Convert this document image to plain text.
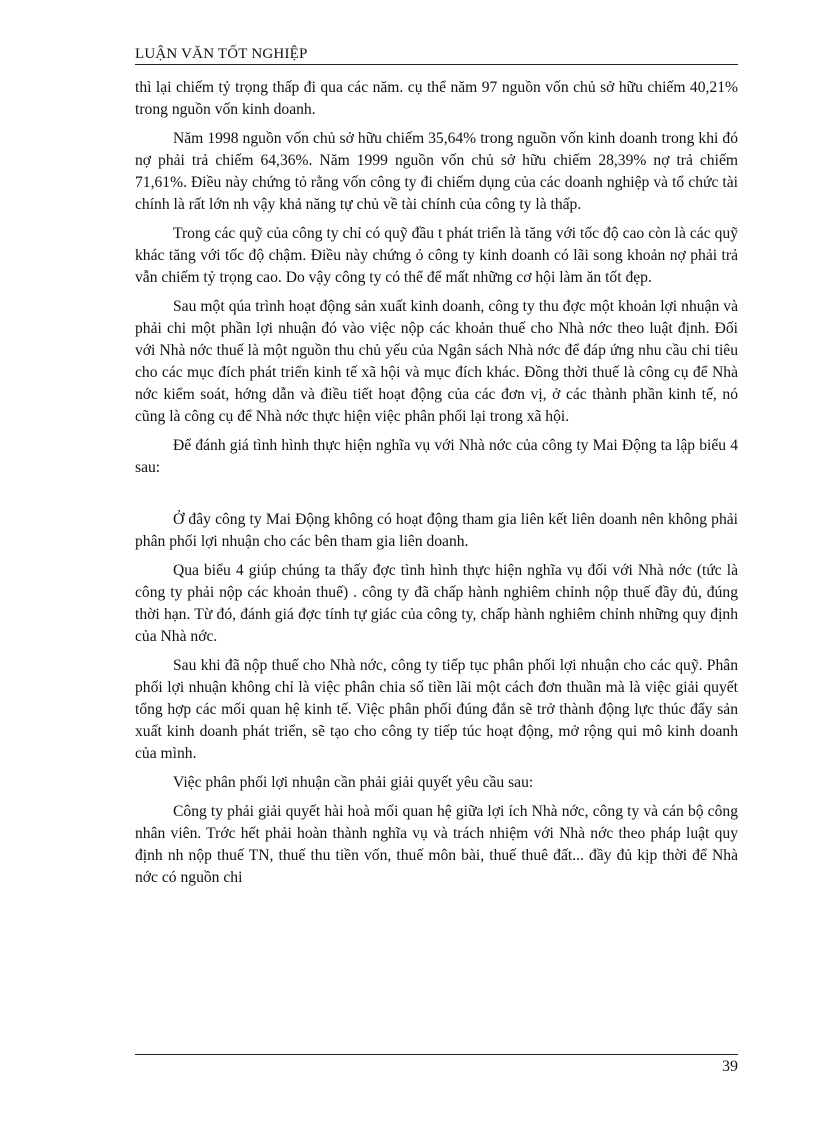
LUẬN VĂN TỐT NGHIỆP

thì lại chiếm tỷ trọng thấp đi qua các năm. cụ thể năm 97 nguồn vốn chủ sở hữu chiếm 40,21% trong nguồn vốn kinh doanh.

Năm 1998 nguồn vốn chủ sở hữu chiếm 35,64% trong nguồn vốn kinh doanh trong khi đó nợ phải trả chiếm 64,36%. Năm 1999 nguồn vốn chủ sở hữu chiếm 28,39% nợ trả chiếm 71,61%. Điều này chứng tỏ rằng vốn công ty đi chiếm dụng của các doanh nghiệp và tổ chức tài chính là rất lớn nh vậy khả năng tự chủ về tài chính của công ty là thấp.

Trong các quỹ của công ty chỉ có quỹ đầu t phát triển là tăng với tốc độ cao còn là các quỹ khác tăng với tốc độ chậm. Điều này chứng ỏ công ty kinh doanh có lãi song khoản nợ phải trả vẫn chiếm tỷ trọng cao. Do vậy công ty có thể để mất những cơ hội làm ăn tốt đẹp.

Sau một qúa trình hoạt động sản xuất kinh doanh, công ty thu đợc một khoản lợi nhuận và phải chi một phần lợi nhuận đó vào việc nộp các khoản thuế cho Nhà nớc theo luật định. Đối với Nhà nớc thuế là một nguồn thu chủ yếu của Ngân sách Nhà nớc để đáp ứng nhu cầu chi tiêu cho các mục đích phát triển kinh tế xã hội và mục đích khác. Đồng thời thuế là công cụ để Nhà nớc kiểm soát, hớng dẫn và điều tiết hoạt động của các đơn vị, ở các thành phần kinh tế, nó cũng là công cụ để Nhà nớc thực hiện việc phân phối lại trong xã hội.

Để đánh giá tình hình thực hiện nghĩa vụ với Nhà nớc của công ty Mai Động ta lập biểu 4 sau:

Ở đây công ty Mai Động không có hoạt động tham gia liên kết liên doanh nên không phải phân phối lợi nhuận cho các bên tham gia liên doanh.

Qua biểu 4 giúp chúng ta thấy đợc tình hình thực hiện nghĩa vụ đối với Nhà nớc (tức là công ty phải nộp các khoản thuế) . công ty đã chấp hành nghiêm chỉnh nộp thuế đầy đủ, đúng thời hạn. Từ đó, đánh giá đợc tính tự giác của công ty, chấp hành nghiêm chỉnh những quy định của Nhà nớc.

Sau khi đã nộp thuế cho Nhà nớc, công ty tiếp tục phân phối lợi nhuận cho các quỹ. Phân phối lợi nhuận không chỉ là việc phân chia số tiền lãi một cách đơn thuần mà là việc giải quyết tổng hợp các mối quan hệ kinh tế. Việc phân phối đúng đắn sẽ trở thành động lực thúc đẩy sản xuất kinh doanh phát triển, sẽ tạo cho công ty tiếp túc hoạt động, mở rộng qui mô kinh doanh của mình.

Việc phân phối lợi nhuận cần phải giải quyết yêu cầu sau:

Công ty phải giải quyết hài hoà mối quan hệ giữa lợi ích Nhà nớc, công ty và cán bộ công nhân viên. Trớc hết phải hoàn thành nghĩa vụ và trách nhiệm với Nhà nớc theo pháp luật quy định nh nộp thuế TN, thuế thu tiền vốn, thuế môn bài, thuế thuê đất... đầy đủ kịp thời để Nhà nớc có nguồn chi

39
